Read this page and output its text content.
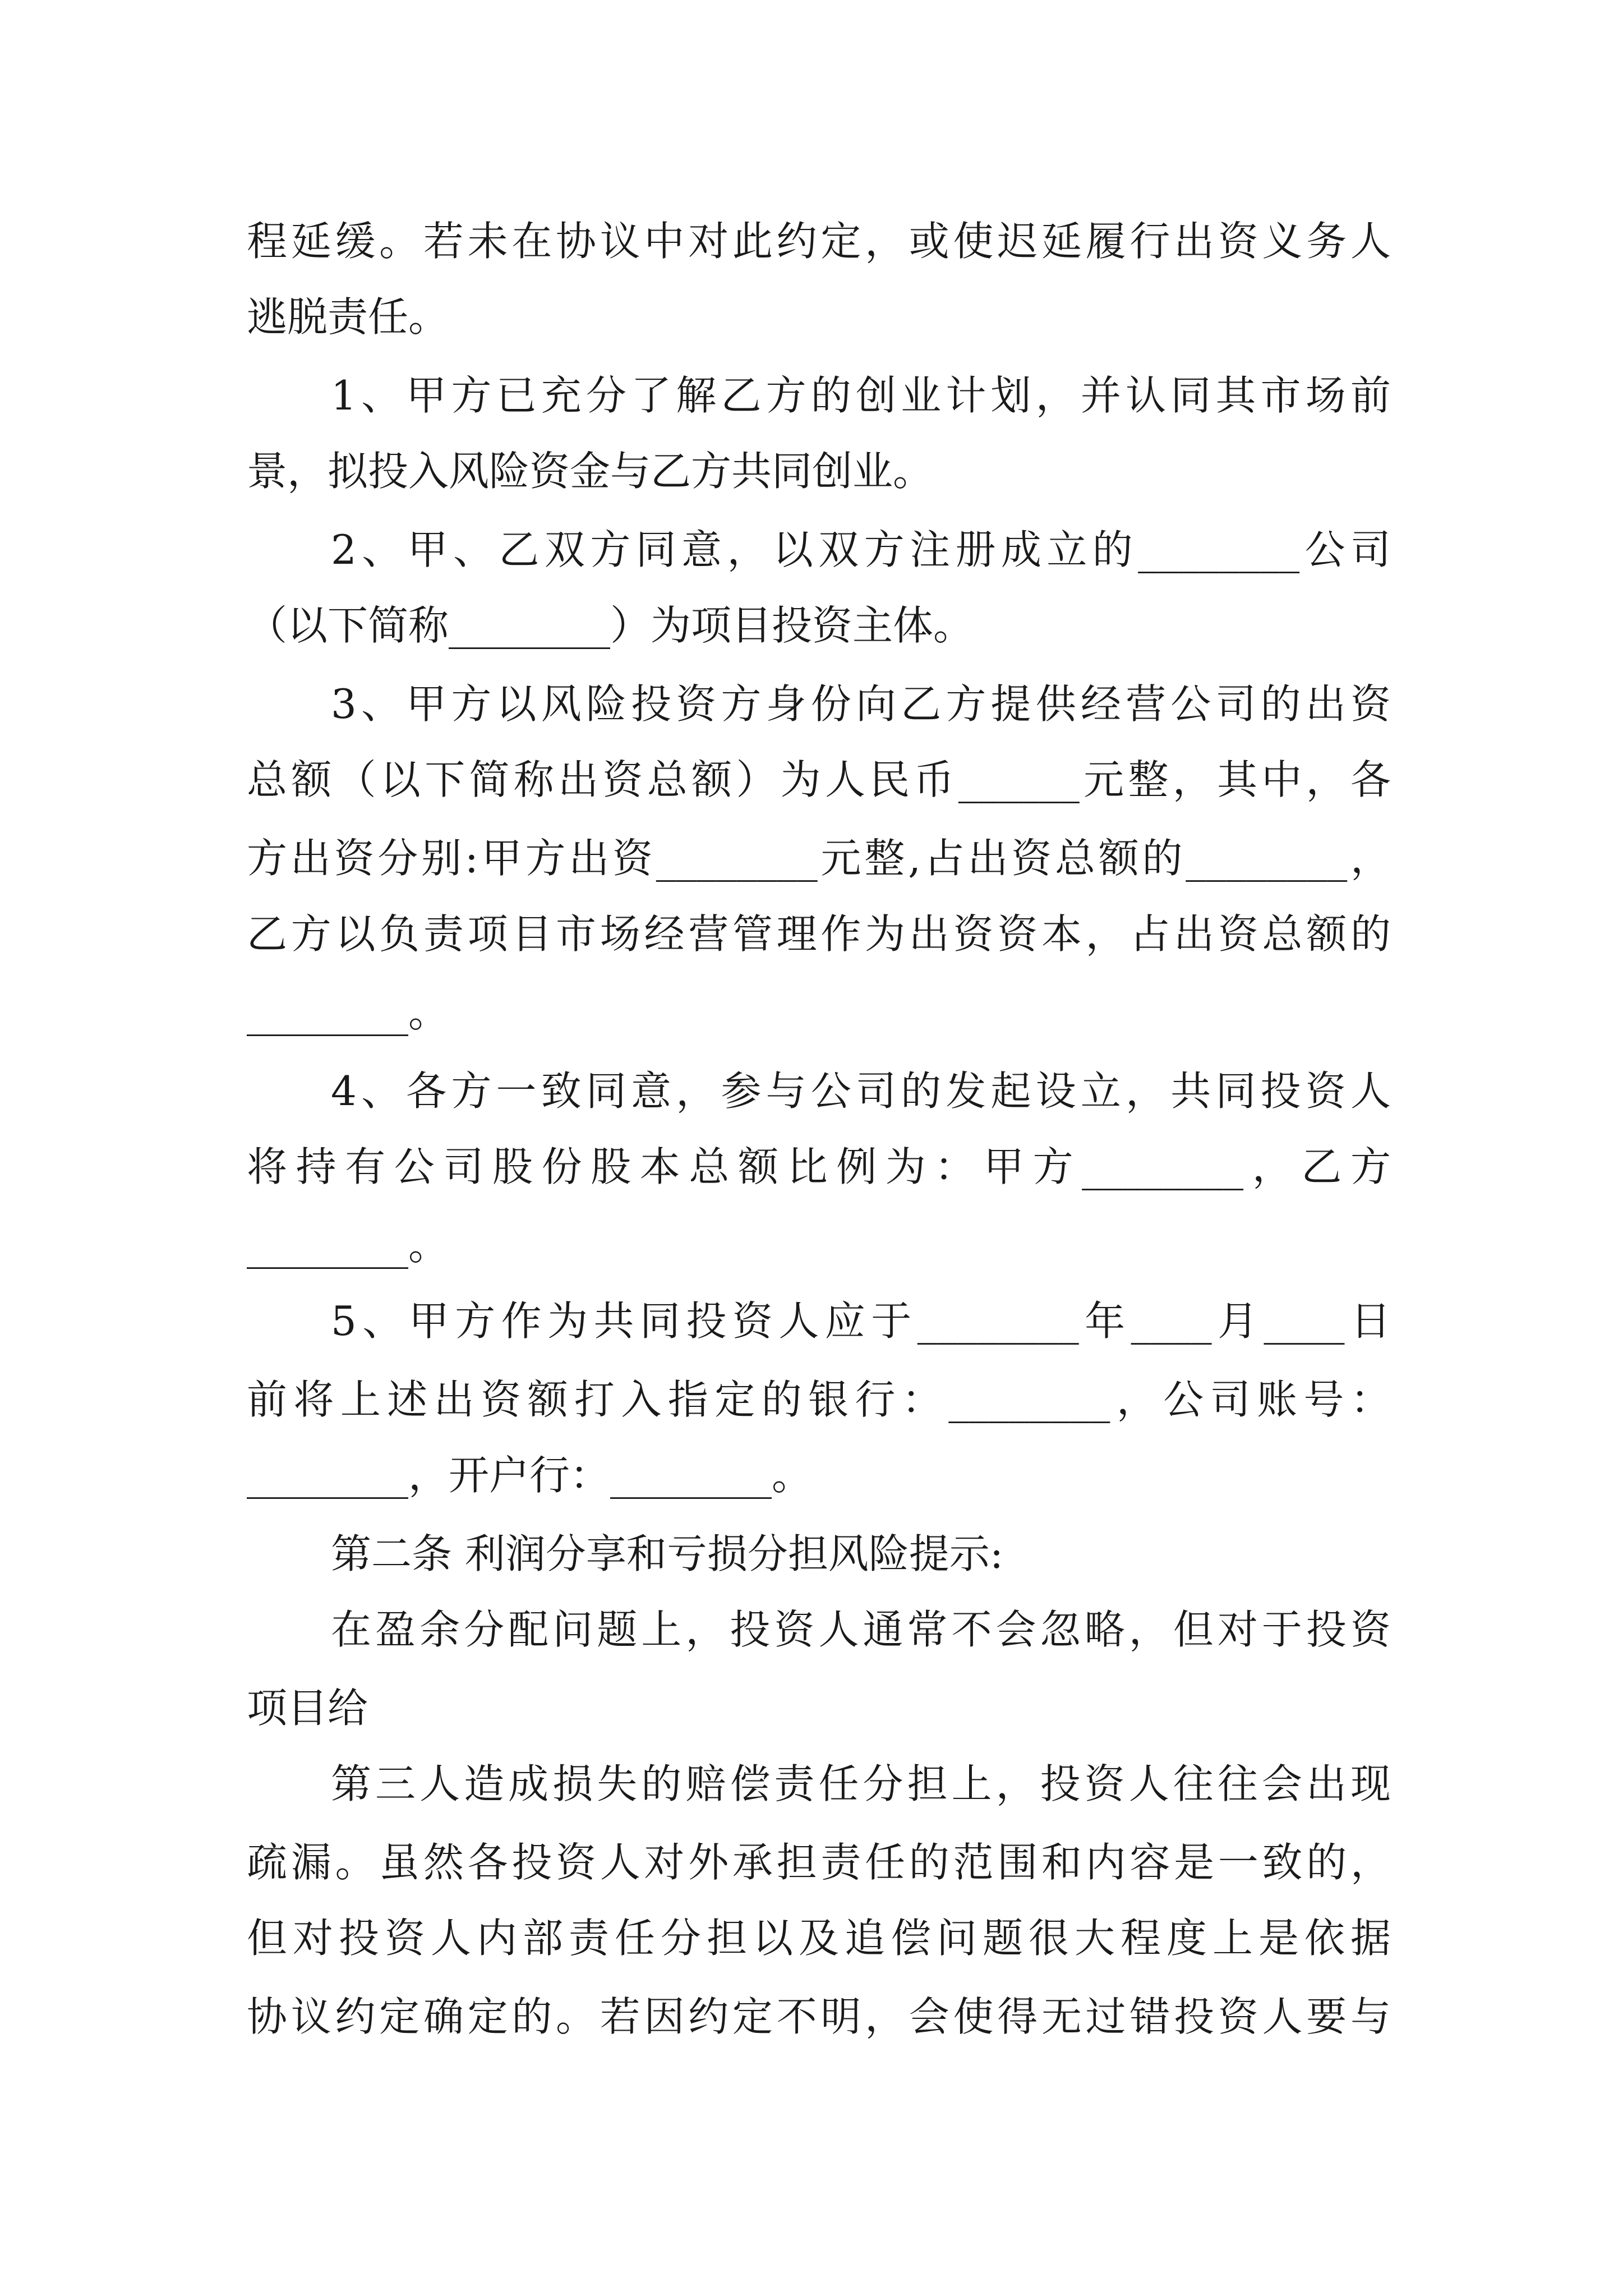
程延缓。若未在协议中对此约定，或使迟延履行出资义务人
逃脱责任。
1、甲方已充分了解乙方的创业计划，并认同其市场前
景，拟投入风险资金与乙方共同创业。
2、甲、乙双方同意，以双方注册成立的________公司
（以下简称________）为项目投资主体。
3、甲方以风险投资方身份向乙方提供经营公司的出资
总额（以下简称出资总额）为人民币______元整，其中，各
方出资分别:甲方出资________元整,占出资总额的________，
乙方以负责项目市场经营管理作为出资资本，占出资总额的
________。
4、各方一致同意，参与公司的发起设立，共同投资人
将持有公司股份股本总额比例为：甲方________，乙方
________。
5、甲方作为共同投资人应于________年____月____日
前将上述出资额打入指定的银行：________，公司账号：
________，开户行：________。
第二条 利润分享和亏损分担风险提示:
在盈余分配问题上，投资人通常不会忽略，但对于投资
项目给
第三人造成损失的赔偿责任分担上，投资人往往会出现
疏漏。虽然各投资人对外承担责任的范围和内容是一致的，
但对投资人内部责任分担以及追偿问题很大程度上是依据
协议约定确定的。若因约定不明，会使得无过错投资人要与
